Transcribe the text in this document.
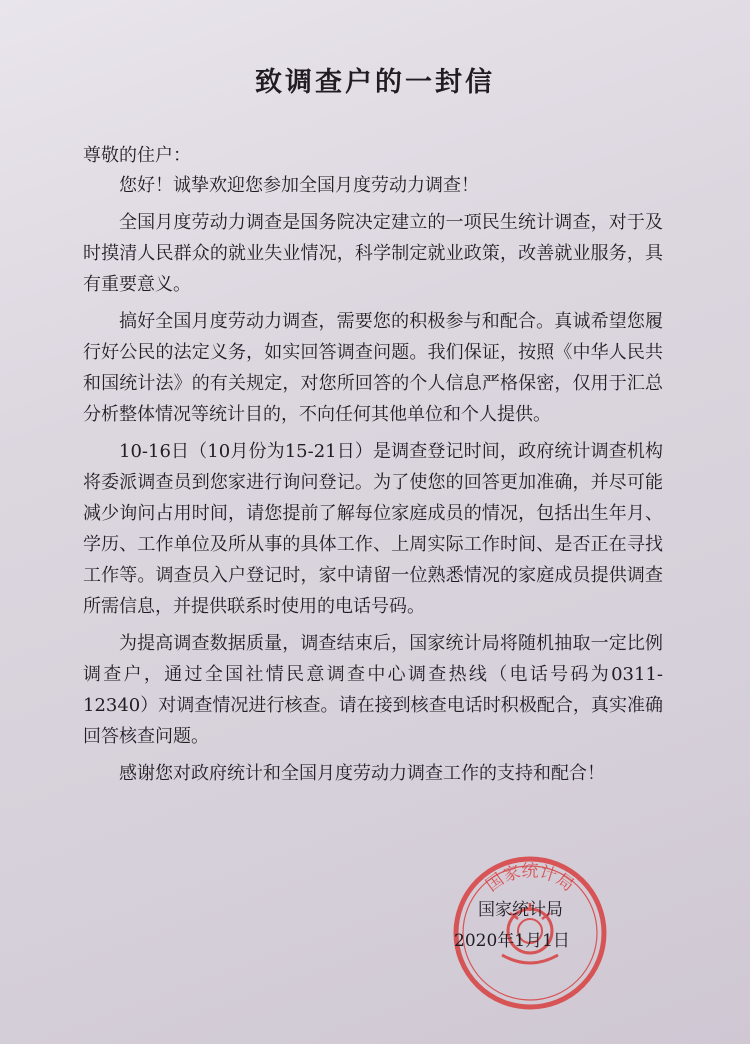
致调查户的一封信
尊敬的住户：

您好！诚挚欢迎您参加全国月度劳动力调查！

全国月度劳动力调查是国务院决定建立的一项民生统计调查，对于及时摸清人民群众的就业失业情况，科学制定就业政策，改善就业服务，具有重要意义。

搞好全国月度劳动力调查，需要您的积极参与和配合。真诚希望您履行好公民的法定义务，如实回答调查问题。我们保证，按照《中华人民共和国统计法》的有关规定，对您所回答的个人信息严格保密，仅用于汇总分析整体情况等统计目的，不向任何其他单位和个人提供。

10-16日（10月份为15-21日）是调查登记时间，政府统计调查机构将委派调查员到您家进行询问登记。为了使您的回答更加准确，并尽可能减少询问占用时间，请您提前了解每位家庭成员的情况，包括出生年月、学历、工作单位及所从事的具体工作、上周实际工作时间、是否正在寻找工作等。调查员入户登记时，家中请留一位熟悉情况的家庭成员提供调查所需信息，并提供联系时使用的电话号码。

为提高调查数据质量，调查结束后，国家统计局将随机抽取一定比例调查户，通过全国社情民意调查中心调查热线（电话号码为0311-12340）对调查情况进行核查。请在接到核查电话时积极配合，真实准确回答核查问题。

感谢您对政府统计和全国月度劳动力调查工作的支持和配合！

国家统计局
国家统计局
2020年1月1日
